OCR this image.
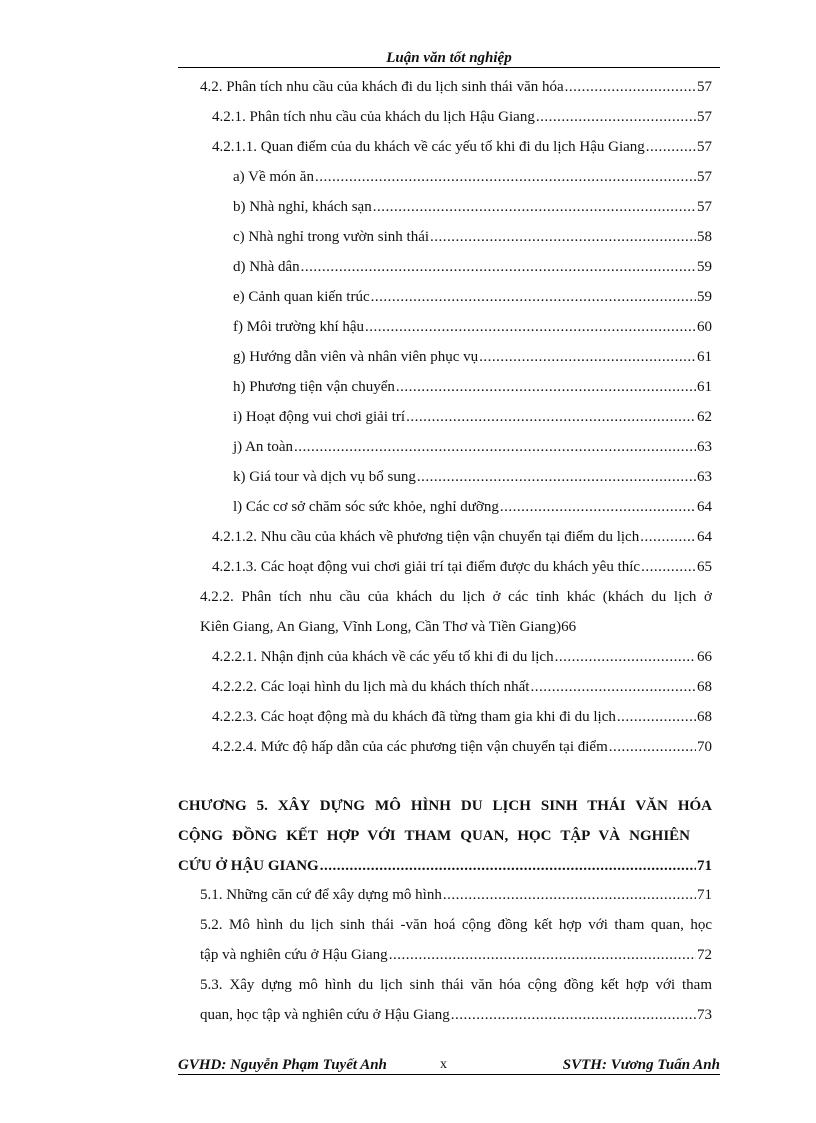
Luận văn tốt nghiệp
4.2. Phân tích nhu cầu của khách đi du lịch sinh thái văn hóa .....	57
4.2.1. Phân tích nhu cầu của khách du lịch Hậu Giang .....	57
4.2.1.1. Quan điểm của du khách về các yếu tố khi đi du lịch Hậu Giang .....	57
a) Về món ăn .....	57
b) Nhà nghỉ, khách sạn .....	57
c) Nhà nghỉ trong vườn sinh thái .....	58
d) Nhà dân .....	59
e) Cảnh quan kiến trúc .....	59
f) Môi trường khí hậu .....	60
g) Hướng dẫn viên và nhân viên phục vụ .....	61
h) Phương tiện vận chuyển .....	61
i) Hoạt động vui chơi giải trí .....	62
j) An toàn .....	63
k) Giá tour và dịch vụ bổ sung .....	63
l) Các cơ sở chăm sóc sức khỏe, nghỉ dưỡng .....	64
4.2.1.2. Nhu cầu của khách về phương tiện vận chuyển tại điểm du lịch .....	64
4.2.1.3. Các hoạt động vui chơi giải trí tại điểm được du khách yêu thíc .....	65
4.2.2. Phân tích nhu cầu của khách du lịch ở các tỉnh khác (khách du lịch ở
Kiên Giang, An Giang, Vĩnh Long, Cần Thơ và Tiền Giang)66
4.2.2.1. Nhận định của khách về các yếu tố khi đi du lịch .....	66
4.2.2.2. Các loại hình du lịch mà du khách thích nhất .....	68
4.2.2.3. Các hoạt động mà du khách đã từng tham gia khi đi du lịch .....	68
4.2.2.4. Mức độ hấp dẫn của các phương tiện vận chuyển tại điểm .....	70
CHƯƠNG 5. XÂY DỰNG MÔ HÌNH DU LỊCH SINH THÁI VĂN HÓA
CỘNG ĐỒNG KẾT HỢP VỚI THAM QUAN, HỌC TẬP VÀ NGHIÊN
CỨU Ở HẬU GIANG .....	71
5.1. Những căn cứ để xây dựng mô hình .....	71
5.2. Mô hình du lịch sinh thái -văn hoá cộng đồng kết hợp với tham quan, học
tập và nghiên cứu ở Hậu Giang .....	72
5.3. Xây dựng mô hình du lịch sinh thái văn hóa cộng đồng kết hợp với tham
quan, học tập và nghiên cứu ở Hậu Giang .....	73
GVHD: Nguyễn Phạm Tuyết Anh	x	SVTH: Vương Tuấn Anh
